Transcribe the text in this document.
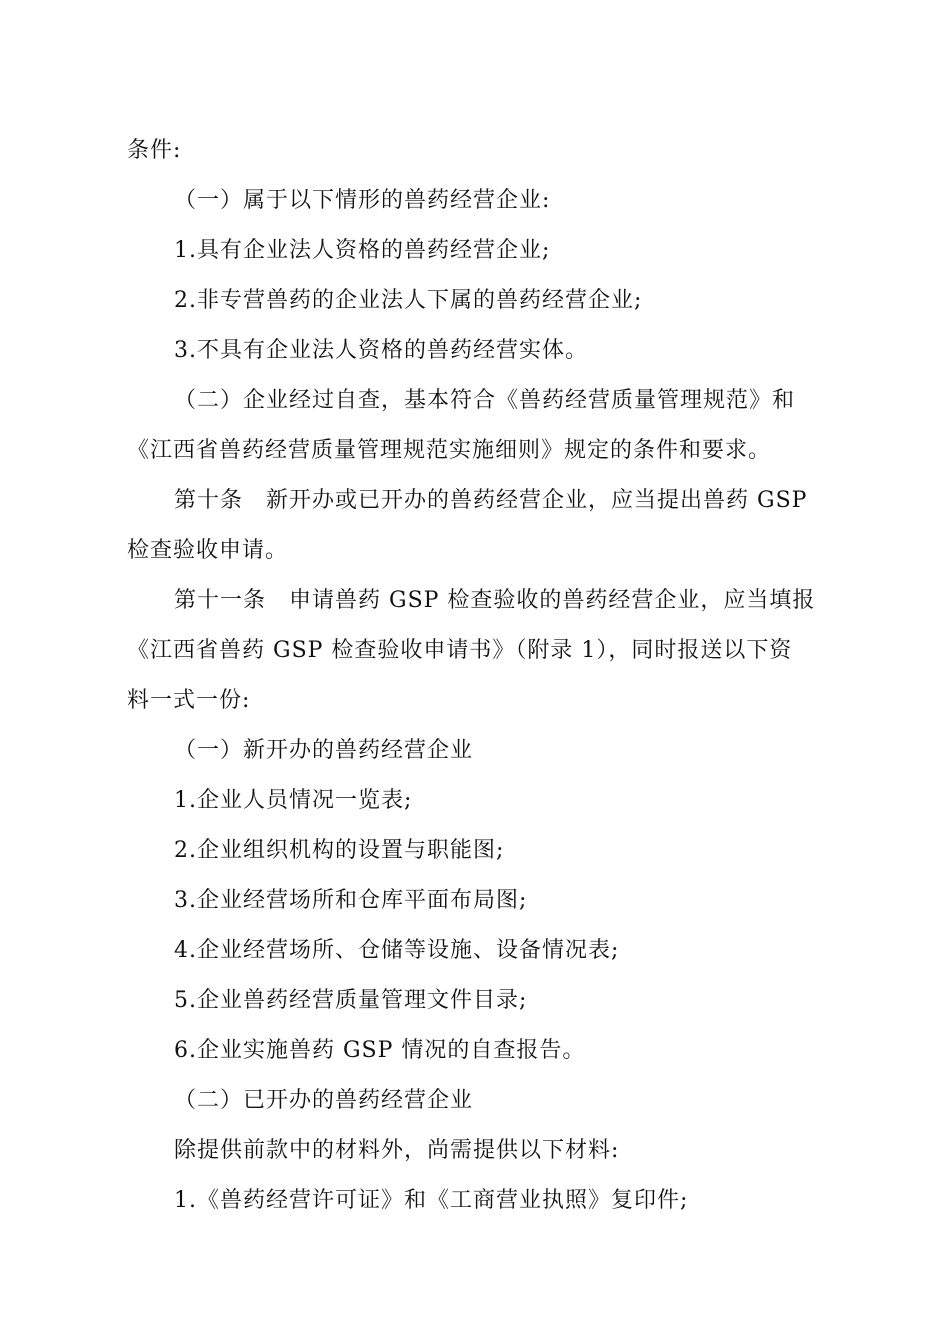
条件:
（一）属于以下情形的兽药经营企业:
1.具有企业法人资格的兽药经营企业;
2.非专营兽药的企业法人下属的兽药经营企业;
3.不具有企业法人资格的兽药经营实体。
（二）企业经过自查，基本符合《兽药经营质量管理规范》和
《江西省兽药经营质量管理规范实施细则》规定的条件和要求。
第十条　新开办或已开办的兽药经营企业，应当提出兽药 GSP
检查验收申请。
第十一条　申请兽药 GSP 检查验收的兽药经营企业，应当填报
《江西省兽药 GSP 检查验收申请书》（附录 1），同时报送以下资
料一式一份:
（一）新开办的兽药经营企业
1.企业人员情况一览表;
2.企业组织机构的设置与职能图;
3.企业经营场所和仓库平面布局图;
4.企业经营场所、仓储等设施、设备情况表;
5.企业兽药经营质量管理文件目录;
6.企业实施兽药 GSP 情况的自查报告。
（二）已开办的兽药经营企业
除提供前款中的材料外，尚需提供以下材料:
1.《兽药经营许可证》和《工商营业执照》复印件;
